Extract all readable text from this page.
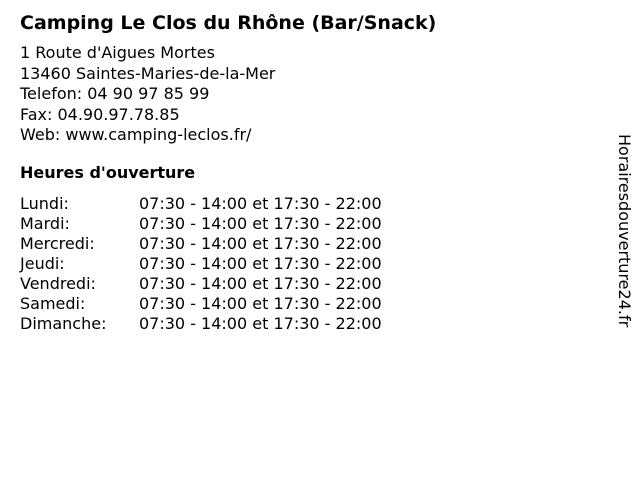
Camping Le Clos du Rhône (Bar/Snack)
1 Route d'Aigues Mortes
13460 Saintes-Maries-de-la-Mer
Telefon: 04 90 97 85 99
Fax: 04.90.97.78.85
Web: www.camping-leclos.fr/
Heures d'ouverture
Lundi:	07:30 - 14:00 et 17:30 - 22:00
Mardi:	07:30 - 14:00 et 17:30 - 22:00
Mercredi:	07:30 - 14:00 et 17:30 - 22:00
Jeudi:	07:30 - 14:00 et 17:30 - 22:00
Vendredi:	07:30 - 14:00 et 17:30 - 22:00
Samedi:	07:30 - 14:00 et 17:30 - 22:00
Dimanche:	07:30 - 14:00 et 17:30 - 22:00	Horairesdouverture24.fr
